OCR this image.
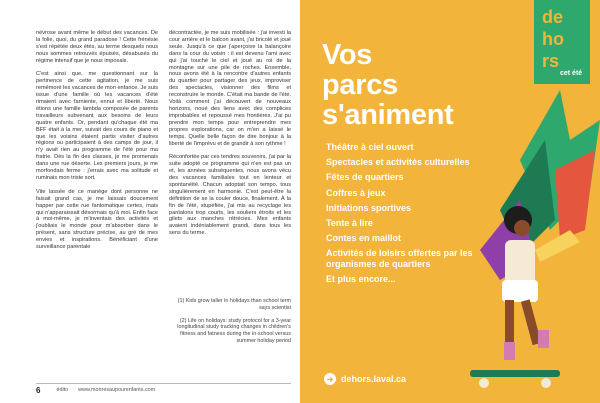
névrose avant même le début des vacances. De la folie, quoi, du grand paradoxe ! Cette frénésie s'est répétée deux étés, au terme desquels nous nous sommes retrouvés épuisés, désabusés du régime intensif que je nous imposais.

C'est ainsi que, me questionnant sur la pertinence de cette agitation, je me suis remémoré les vacances de mon enfance. Je suis issue d'une famille où les vacances d'été rimaient avec farniente, ennui et liberté. Nous étions une famille lambda composée de parents travailleurs subvenant aux besoins de leurs quatre enfants. Or, pendant qu'chaque été ma BFF était à la mer, suivait des cours de piano et que les voisins étaient partis visiter d'autres régions ou participaient à des camps de jour, il n'y avait rien au programme de l'été pour ma fratrie. Dès la fin des classes, je me promenais dans une rue déserte. Les premiers jours, je me morfondais ferme : j'errais avec ma solitude et ruminais mon triste sort.

Vite lassée de ce manège dont personne ne faisait grand cas, je me laissais doucement happer par cette rue fantomatique certes, mais qui n'apparaissait désormais qu'à moi. Enfin face à moi-même, je m'inventais des activités et j'oubliais le monde pour m'absorber dans le présent, sans structure précise, au gré de mes envies et inspirations. Bénéficiant d'une surveillance parentale

décontractée, je me suis mobilisée : j'ai investi la cour arrière et le balcon avant, j'ai bricolé et joué seule. Jusqu'à ce que j'aperçoive la balançoire dans la cour du voisin : il est devenu l'ami avec qui j'ai touché le ciel et joué au roi de la montagne sur une pile de roches. Ensemble, nous avons été à la rencontre d'autres enfants du quartier pour partager des jeux, improviser des spectacles, visionner des films et reconstruire le monde. C'était ma bande de l'été. Voilà comment j'ai découvert de nouveaux horizons, noué des liens avec des complices improbables et repoussé mes frontières. J'ai pu prendre mon temps pour entreprendre mes propres explorations, car on m'en a laissé le temps. Quelle belle façon de dire bonjour à la liberté de l'imprévu et de grandir à son rythme !

Réconfortée par ces tendres souvenirs, j'ai par la suite adopté ce programme qui n'en est pas un et, les années subséquentes, nous avons vécu des vacances familiales tout en lenteur et spontanéité. Chacun adoptait son tempo, tous singulièrement en harmonie. C'est peut-être la définition de se la couler douce, finalement. À la fin de l'été, stupéfiée, j'ai mis au recyclage les pantalons trop courts, les souliers étroits et les gilets aux manches rétrécies. Mes enfants avaient indéniablement grandi, dans tous les sens du terme.

(1) Kids grow taller in holidays than school term says scientist

(2) Life on holidays: study protocol for a 3-year longitudinal study tracking changes in children's fitness and fatness during the in-school versus summer holiday period

6	édito www.monresaupourenfants.com
de
ho
rs
cet été
Vos
parcs
s'animent
Théâtre à ciel ouvert
Spectacles et activités culturelles
Fêtes de quartiers
Coffres à jeux
Initiations sportives
Tente à lire
Contes en maillot
Activités de loisirs offertes par les organismes de quartiers
Et plus encore...
➜ dehors.laval.ca
